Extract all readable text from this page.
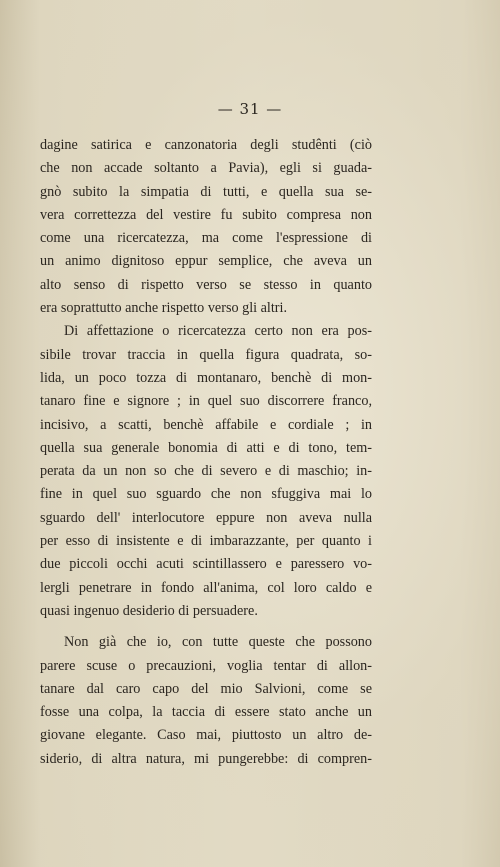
— 31 —
dagine satirica e canzonatoria degli studênti (ciò
che non accade soltanto a Pavia), egli si guada-
gnò subito la simpatia di tutti, e quella sua se-
vera correttezza del vestire fu subito compresa non
come una ricercatezza, ma come l'espressione di
un animo dignitoso eppur semplice, che aveva un
alto senso di rispetto verso se stesso in quanto
era soprattutto anche rispetto verso gli altri.
Di affettazione o ricercatezza certo non era pos-
sibile trovar traccia in quella figura quadrata, so-
lida, un poco tozza di montanaro, benchè di mon-
tanaro fine e signore ; in quel suo discorrere franco,
incisivo, a scatti, benchè affabile e cordiale ; in
quella sua generale bonomia di atti e di tono, tem-
perata da un non so che di severo e di maschio; in-
fine in quel suo sguardo che non sfuggiva mai lo
sguardo dell' interlocutore eppure non aveva nulla
per esso di insistente e di imbarazzante, per quanto i
due piccoli occhi acuti scintillassero e paressero vo-
lergli penetrare in fondo all'anima, col loro caldo e
quasi ingenuo desiderio di persuadere.
Non già che io, con tutte queste che possono
parere scuse o precauzioni, voglia tentar di allon-
tanare dal caro capo del mio Salvioni, come se
fosse una colpa, la taccia di essere stato anche un
giovane elegante. Caso mai, piuttosto un altro de-
siderio, di altra natura, mi pungerebbe: di compren-
